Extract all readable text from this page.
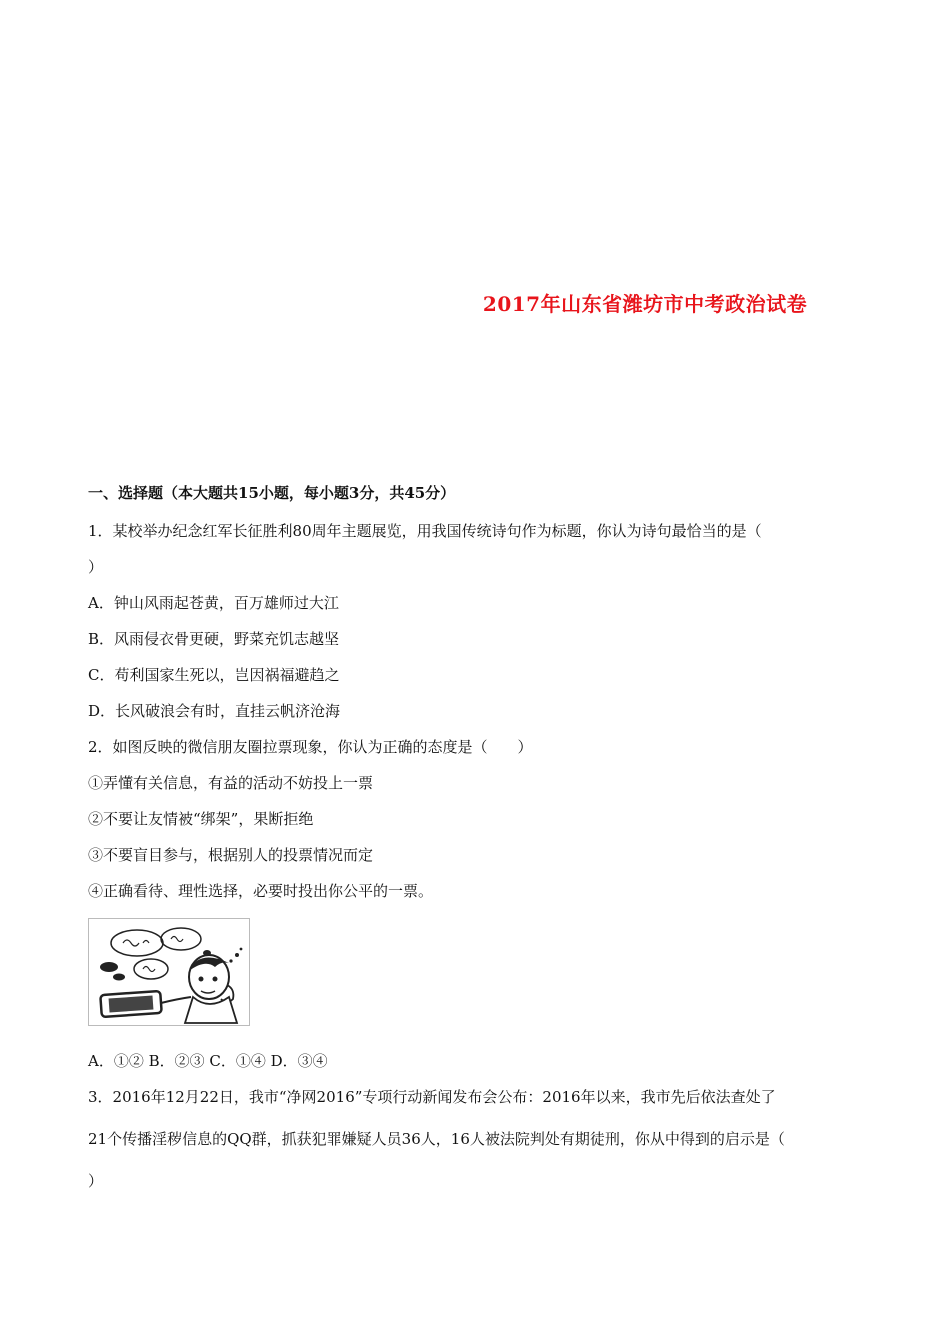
2017年山东省潍坊市中考政治试卷
一、选择题（本大题共15小题，每小题3分，共45分）
1．某校举办纪念红军长征胜利80周年主题展览，用我国传统诗句作为标题，你认为诗句最恰当的是（
）
A．钟山风雨起苍黄，百万雄师过大江
B．风雨侵衣骨更硬，野菜充饥志越坚
C．苟利国家生死以，岂因祸福避趋之
D．长风破浪会有时，直挂云帆济沧海
2．如图反映的微信朋友圈拉票现象，你认为正确的态度是（　　）
①弄懂有关信息，有益的活动不妨投上一票
②不要让友情被“绑架”，果断拒绝
③不要盲目参与，根据别人的投票情况而定
④正确看待、理性选择，必要时投出你公平的一票。
A．①② B．②③ C．①④ D．③④
3．2016年12月22日，我市“净网2016”专项行动新闻发布会公布：2016年以来，我市先后依法查处了
21个传播淫秽信息的QQ群，抓获犯罪嫌疑人员36人，16人被法院判处有期徒刑，你从中得到的启示是（
）
